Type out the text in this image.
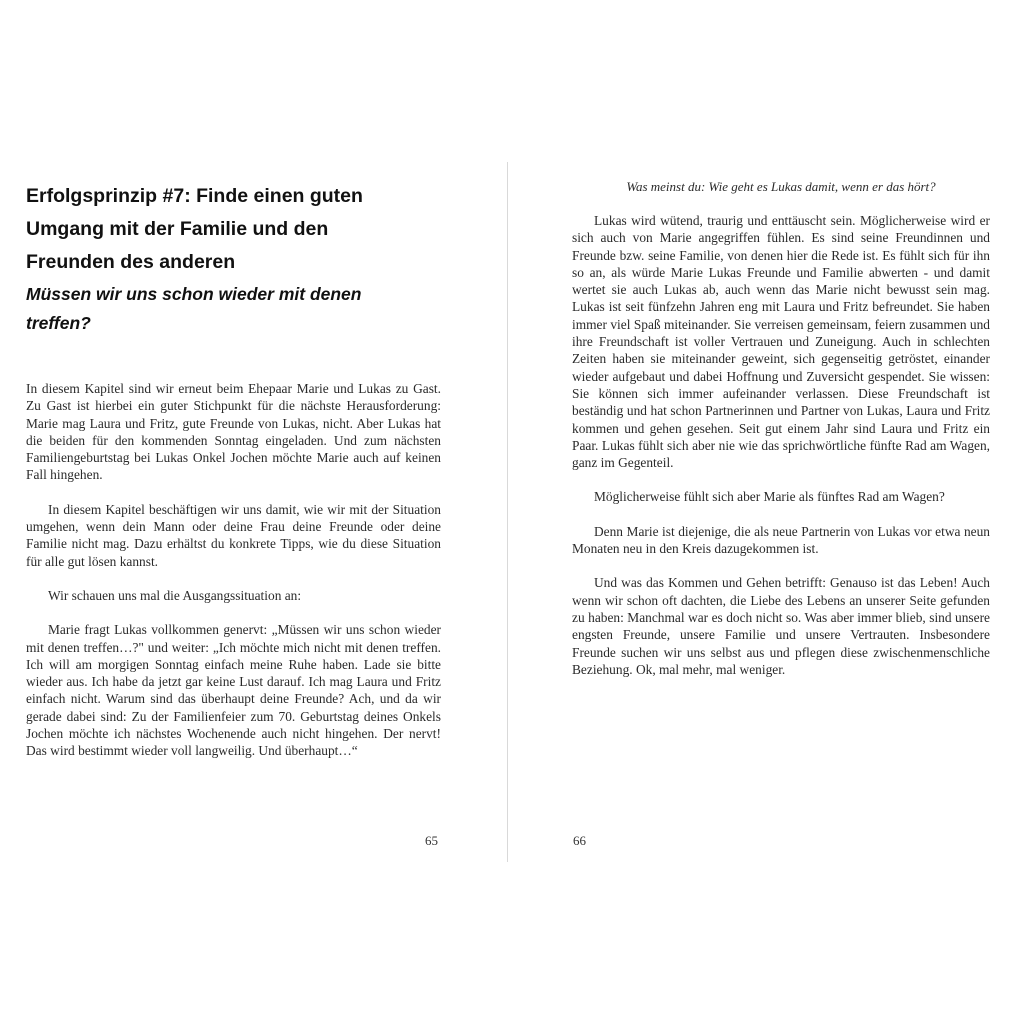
Erfolgsprinzip #7: Finde einen guten
Umgang mit der Familie und den
Freunden des anderen
Müssen wir uns schon wieder mit denen
treffen?

In diesem Kapitel sind wir erneut beim Ehepaar Marie und Lukas zu Gast. Zu Gast ist hierbei ein guter Stichpunkt für die nächste Herausforderung: Marie mag Laura und Fritz, gute Freunde von Lukas, nicht. Aber Lukas hat die beiden für den kommenden Sonntag eingeladen. Und zum nächsten Familiengeburtstag bei Lukas Onkel Jochen möchte Marie auch auf keinen Fall hingehen.

In diesem Kapitel beschäftigen wir uns damit, wie wir mit der Situation umgehen, wenn dein Mann oder deine Frau deine Freunde oder deine Familie nicht mag. Dazu erhältst du konkrete Tipps, wie du diese Situation für alle gut lösen kannst.

Wir schauen uns mal die Ausgangssituation an:

Marie fragt Lukas vollkommen genervt: „Müssen wir uns schon wieder mit denen treffen…?" und weiter: „Ich möchte mich nicht mit denen treffen. Ich will am morgigen Sonntag einfach meine Ruhe haben. Lade sie bitte wieder aus. Ich habe da jetzt gar keine Lust darauf. Ich mag Laura und Fritz einfach nicht. Warum sind das überhaupt deine Freunde? Ach, und da wir gerade dabei sind: Zu der Familienfeier zum 70. Geburtstag deines Onkels Jochen möchte ich nächstes Wochenende auch nicht hingehen. Der nervt! Das wird bestimmt wieder voll langweilig. Und überhaupt…“

65

Was meinst du: Wie geht es Lukas damit, wenn er das hört?

Lukas wird wütend, traurig und enttäuscht sein. Möglicherweise wird er sich auch von Marie angegriffen fühlen. Es sind seine Freundinnen und Freunde bzw. seine Familie, von denen hier die Rede ist. Es fühlt sich für ihn so an, als würde Marie Lukas Freunde und Familie abwerten - und damit wertet sie auch Lukas ab, auch wenn das Marie nicht bewusst sein mag. Lukas ist seit fünfzehn Jahren eng mit Laura und Fritz befreundet. Sie haben immer viel Spaß miteinander. Sie verreisen gemeinsam, feiern zusammen und ihre Freundschaft ist voller Vertrauen und Zuneigung. Auch in schlechten Zeiten haben sie miteinander geweint, sich gegenseitig getröstet, einander wieder aufgebaut und dabei Hoffnung und Zuversicht gespendet. Sie wissen: Sie können sich immer aufeinander verlassen. Diese Freundschaft ist beständig und hat schon Partnerinnen und Partner von Lukas, Laura und Fritz kommen und gehen gesehen. Seit gut einem Jahr sind Laura und Fritz ein Paar. Lukas fühlt sich aber nie wie das sprichwörtliche fünfte Rad am Wagen, ganz im Gegenteil.

Möglicherweise fühlt sich aber Marie als fünftes Rad am Wagen?

Denn Marie ist diejenige, die als neue Partnerin von Lukas vor etwa neun Monaten neu in den Kreis dazugekommen ist.

Und was das Kommen und Gehen betrifft: Genauso ist das Leben! Auch wenn wir schon oft dachten, die Liebe des Lebens an unserer Seite gefunden zu haben: Manchmal war es doch nicht so. Was aber immer blieb, sind unsere engsten Freunde, unsere Familie und unsere Vertrauten. Insbesondere Freunde suchen wir uns selbst aus und pflegen diese zwischenmenschliche Beziehung. Ok, mal mehr, mal weniger.

66
